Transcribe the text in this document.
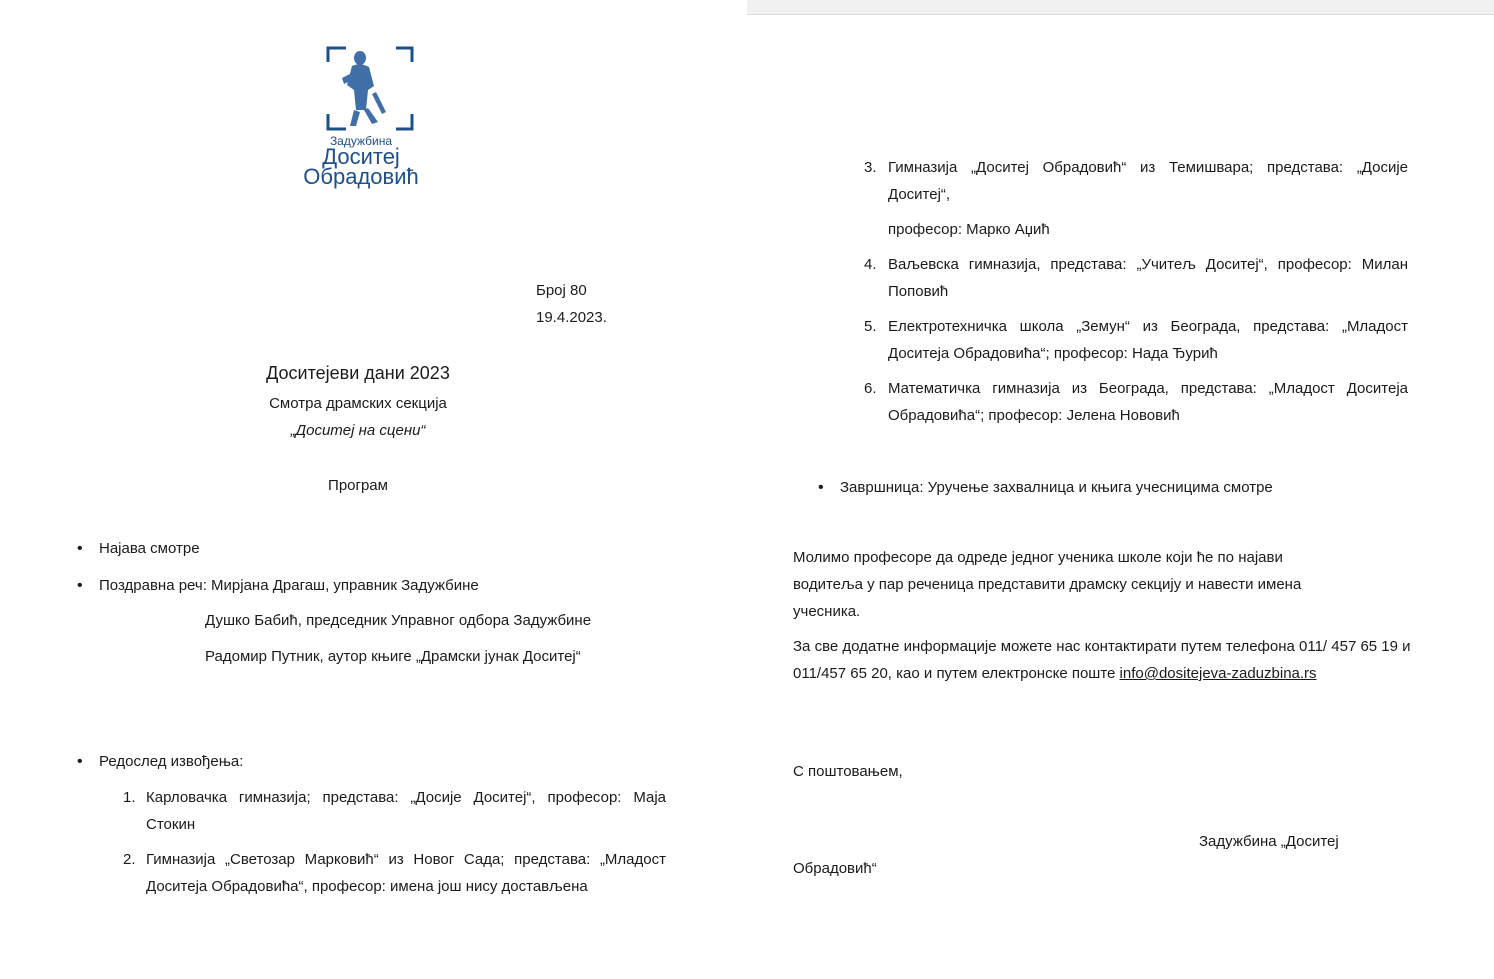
Задужбина
Доситеј
Обрадовић
Број 80
19.4.2023.
Доситејеви дани 2023
Смотра драмских секција
„Доситеј на сцени“
Програм
• Најава смотре
• Поздравна реч: Мирјана Драгаш, управник Задужбине
Душко Бабић, председник Управног одбора Задужбине
Радомир Путник, аутор књиге „Драмски јунак Доситеј“
• Редослед извођења:
1. Карловачка гимназија; представа: „Досије Доситеј“, професор: Маја Стокин
2. Гимназија „Светозар Марковић“ из Новог Сада; представа: „Младост Доситеја Обрадовића“, професор: имена још нису достављена
3. Гимназија „Доситеј Обрадовић“ из Темишвара; представа: „Досије Доситеј“,
професор: Марко Аџић
4. Ваљевска гимназија, представа: „Учитељ Доситеј“, професор: Милан Поповић
5. Електротехничка школа „Земун“ из Београда, представа: „Младост Доситеја Обрадовића“; професор: Нада Ђурић
6. Математичка гимназија из Београда, представа: „Младост Доситеја Обрадовића“; професор: Јелена Нововић
• Завршница: Уручење захвалница и књига учесницима смотре
Молимо професоре да одреде једног ученика школе који ће по најави водитеља у пар реченица представити драмску секцију и навести имена учесника.
За све додатне информације можете нас контактирати путем телефона 011/ 457 65 19 и 011/457 65 20, као и путем електронске поште info@dositejeva-zaduzbina.rs
С поштовањем,
Задужбина „Доситеј
Обрадовић“
